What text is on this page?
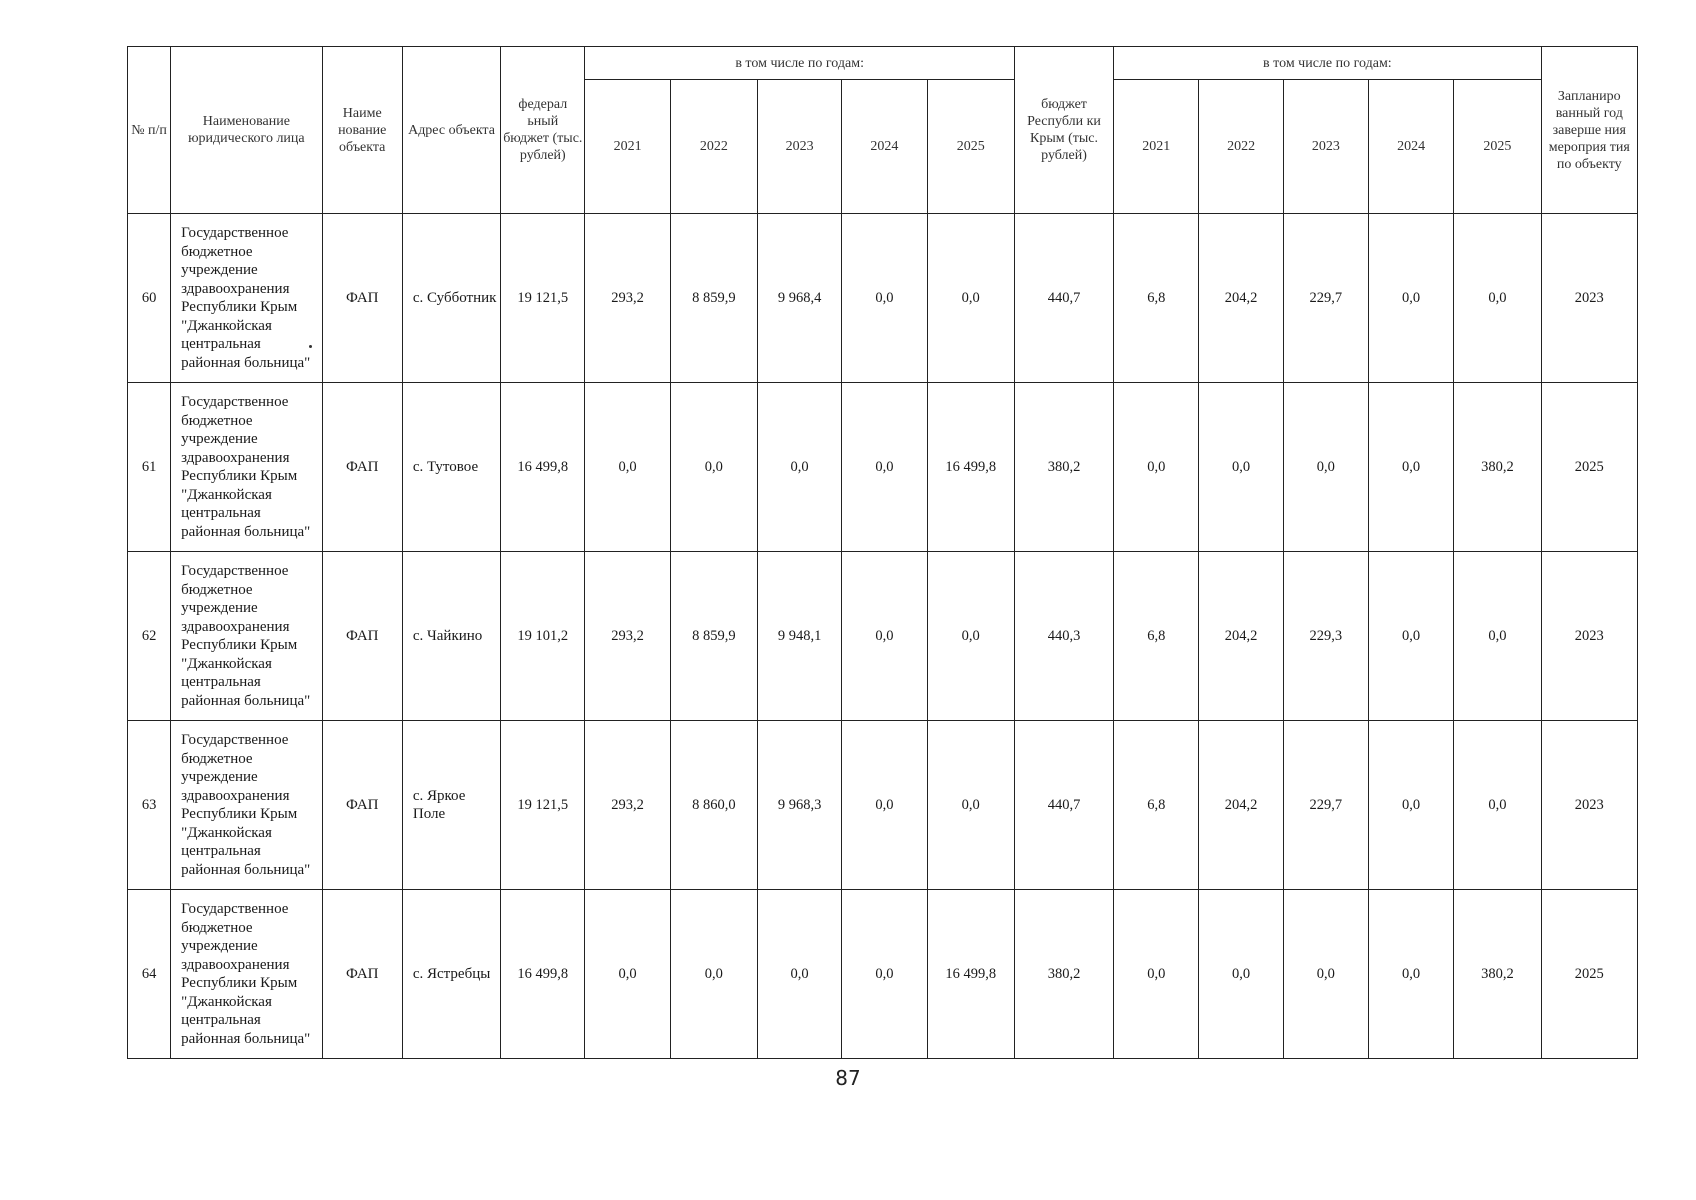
№ п/п	Наименование юридического лица	Наиме нование объекта	Адрес объекта	федерал ьный бюджет (тыс. рублей)	в том числе по годам:					бюджет Республи ки Крым (тыс. рублей)	в том числе по годам:					Запланиро ванный год заверше ния мероприя тия по объекту
					2021	2022	2023	2024	2025		2021	2022	2023	2024	2025	
60	Государственное бюджетное учреждение здравоохранения Республики Крым "Джанкойская центральная районная больница"	ФАП	с. Субботник	19 121,5	293,2	8 859,9	9 968,4	0,0	0,0	440,7	6,8	204,2	229,7	0,0	0,0	2023
61	Государственное бюджетное учреждение здравоохранения Республики Крым "Джанкойская центральная районная больница"	ФАП	с. Тутовое	16 499,8	0,0	0,0	0,0	0,0	16 499,8	380,2	0,0	0,0	0,0	0,0	380,2	2025
62	Государственное бюджетное учреждение здравоохранения Республики Крым "Джанкойская центральная районная больница"	ФАП	с. Чайкино	19 101,2	293,2	8 859,9	9 948,1	0,0	0,0	440,3	6,8	204,2	229,3	0,0	0,0	2023
63	Государственное бюджетное учреждение здравоохранения Республики Крым "Джанкойская центральная районная больница"	ФАП	с. Яркое Поле	19 121,5	293,2	8 860,0	9 968,3	0,0	0,0	440,7	6,8	204,2	229,7	0,0	0,0	2023
64	Государственное бюджетное учреждение здравоохранения Республики Крым "Джанкойская центральная районная больница"	ФАП	с. Ястребцы	16 499,8	0,0	0,0	0,0	0,0	16 499,8	380,2	0,0	0,0	0,0	0,0	380,2	2025
87
